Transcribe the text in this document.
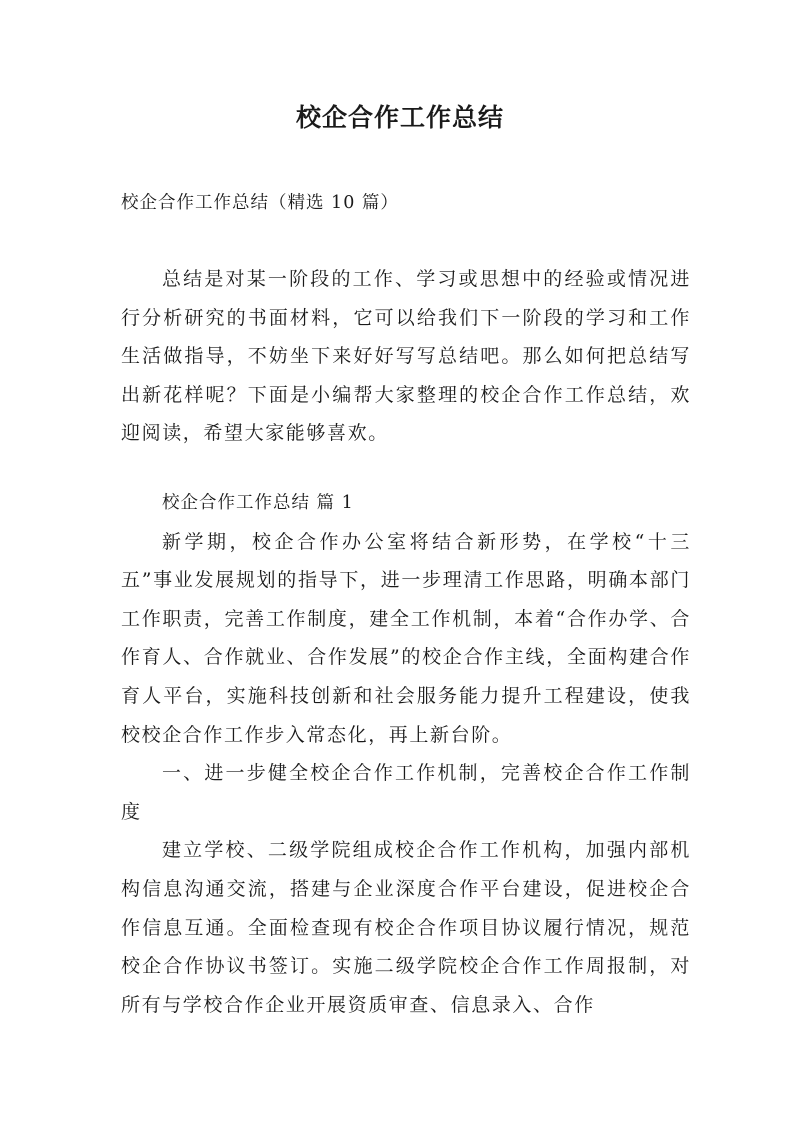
校企合作工作总结
校企合作工作总结（精选 10 篇）

总结是对某一阶段的工作、学习或思想中的经验或情况进行分析研究的书面材料，它可以给我们下一阶段的学习和工作生活做指导，不妨坐下来好好写写总结吧。那么如何把总结写出新花样呢？下面是小编帮大家整理的校企合作工作总结，欢迎阅读，希望大家能够喜欢。

校企合作工作总结 篇 1

新学期，校企合作办公室将结合新形势，在学校“十三五”事业发展规划的指导下，进一步理清工作思路，明确本部门工作职责，完善工作制度，建全工作机制，本着“合作办学、合作育人、合作就业、合作发展”的校企合作主线，全面构建合作育人平台，实施科技创新和社会服务能力提升工程建设，使我校校企合作工作步入常态化，再上新台阶。

一、进一步健全校企合作工作机制，完善校企合作工作制度

建立学校、二级学院组成校企合作工作机构，加强内部机构信息沟通交流，搭建与企业深度合作平台建设，促进校企合作信息互通。全面检查现有校企合作项目协议履行情况，规范校企合作协议书签订。实施二级学院校企合作工作周报制，对所有与学校合作企业开展资质审查、信息录入、合作
